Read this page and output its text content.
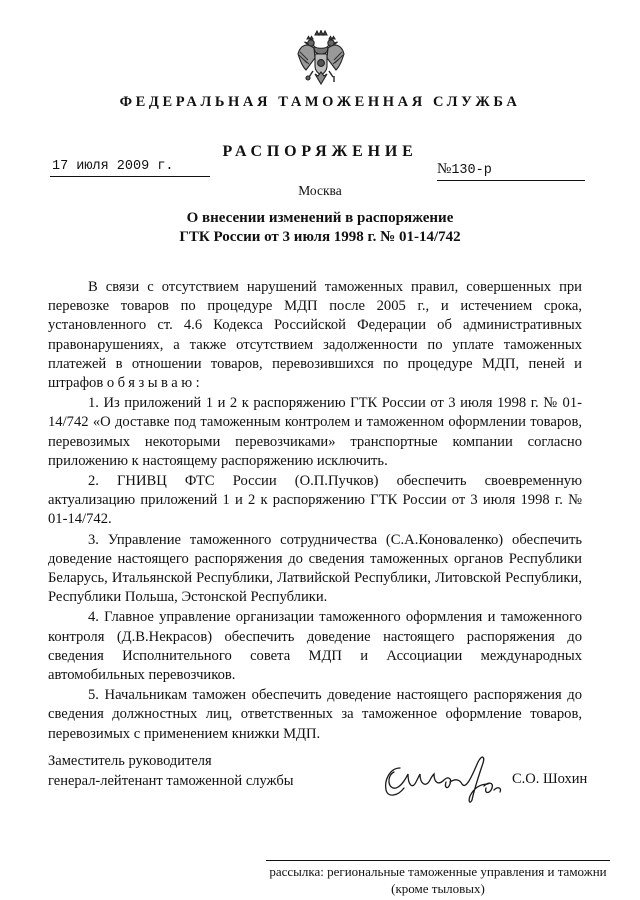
ФЕДЕРАЛЬНАЯ ТАМОЖЕННАЯ СЛУЖБА
РАСПОРЯЖЕНИЕ
17 июля 2009 г.	№130-р
Москва
О внесении изменений в распоряжение
ГТК России от 3 июля 1998 г. № 01-14/742

В связи с отсутствием нарушений таможенных правил, совершенных при перевозке товаров по процедуре МДП после 2005 г., и истечением срока, установленного ст. 4.6 Кодекса Российской Федерации об административных правонарушениях, а также отсутствием задолженности по уплате таможенных платежей в отношении товаров, перевозившихся по процедуре МДП, пеней и штрафов обязываю:

1. Из приложений 1 и 2 к распоряжению ГТК России от 3 июля 1998 г. № 01-14/742 «О доставке под таможенным контролем и таможенном оформлении товаров, перевозимых некоторыми перевозчиками» транспортные компании согласно приложению к настоящему распоряжению исключить.

2. ГНИВЦ ФТС России (О.П.Пучков) обеспечить своевременную актуализацию приложений 1 и 2 к распоряжению ГТК России от 3 июля 1998 г. № 01-14/742.

3. Управление таможенного сотрудничества (С.А.Коноваленко) обеспечить доведение настоящего распоряжения до сведения таможенных органов Республики Беларусь, Итальянской Республики, Латвийской Республики, Литовской Республики, Республики Польша, Эстонской Республики.

4. Главное управление организации таможенного оформления и таможенного контроля (Д.В.Некрасов) обеспечить доведение настоящего распоряжения до сведения Исполнительного совета МДП и Ассоциации международных автомобильных перевозчиков.

5. Начальникам таможен обеспечить доведение настоящего распоряжения до сведения должностных лиц, ответственных за таможенное оформление товаров, перевозимых с применением книжки МДП.

Заместитель руководителя
генерал-лейтенант таможенной службы	С.О. Шохин
рассылка: региональные таможенные управления и таможни
(кроме тыловых)
